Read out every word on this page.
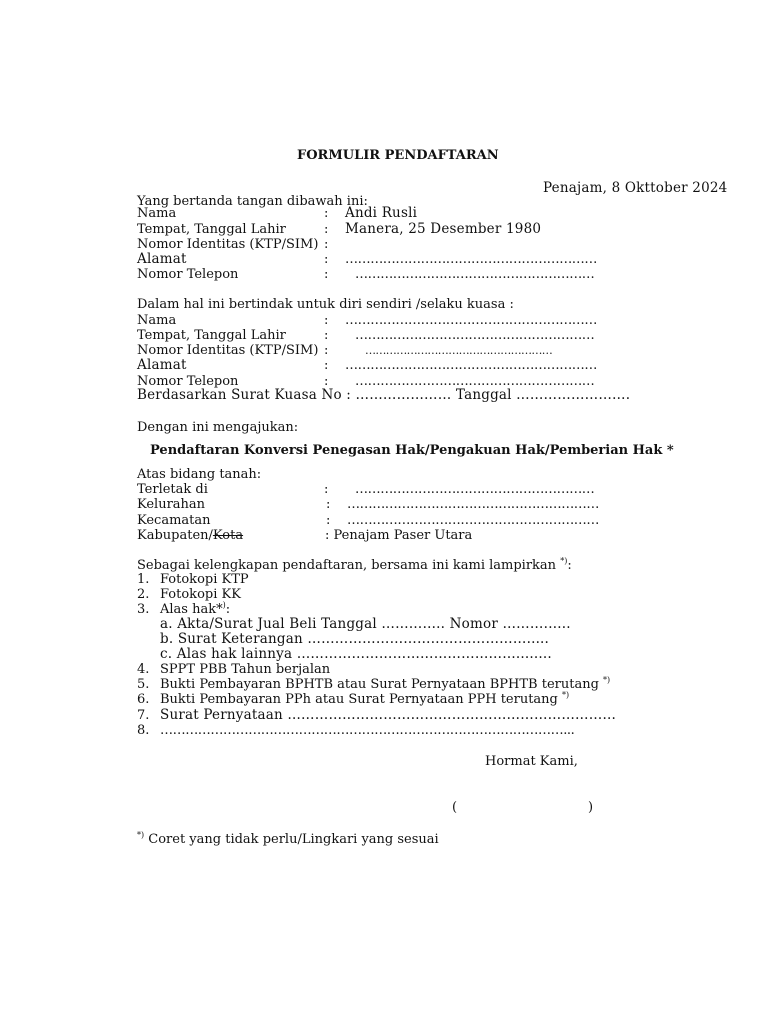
FORMULIR PENDAFTARAN
Penajam, 8 Okttober 2024
Yang bertanda tangan dibawah ini:
Nama	: Andi Rusli
Tempat, Tanggal Lahir	: Manera, 25 Desember 1980
Nomor Identitas (KTP/SIM) :
Alamat	: ……………………………………………………
Nomor Telepon	: …………………………………………………
Dalam hal ini bertindak untuk diri sendiri /selaku kuasa :
Nama	: ……………………………………………………
Tempat, Tanggal Lahir	: …………………………………………………
Nomor Identitas (KTP/SIM) :	………………………………………………
Alamat	: ……………………………………………………
Nomor Telepon	: …………………………………………………
Berdasarkan Surat Kuasa No : ………………… Tanggal …………………….
Dengan ini mengajukan:
Pendaftaran Konversi Penegasan Hak/Pengakuan Hak/Pemberian Hak *
Atas bidang tanah:
Terletak di	: …………………………………………………
Kelurahan	: ……………………………………………………
Kecamatan	: ……………………………………………………
Kabupaten/Kota	: Penajam Paser Utara
Sebagai kelengkapan pendaftaran, bersama ini kami lampirkan *):
1. Fotokopi KTP
2. Fotokopi KK
3. Alas hak*):
a. Akta/Surat Jual Beli Tanggal ………….. Nomor ……….…..
b. Surat Keterangan ………………………………………….....
c. Alas hak lainnya …………………………………………........
4. SPPT PBB Tahun berjalan
5. Bukti Pembayaran BPHTB atau Surat Pernyataan BPHTB terutang *)
6. Bukti Pembayaran PPh atau Surat Pernyataan PPH terutang *)
7. Surat Pernyataan ……………………………………………………………...
8. ……………………………………………………………………………………...
Hormat Kami,
(	)
*) Coret yang tidak perlu/Lingkari yang sesuai
